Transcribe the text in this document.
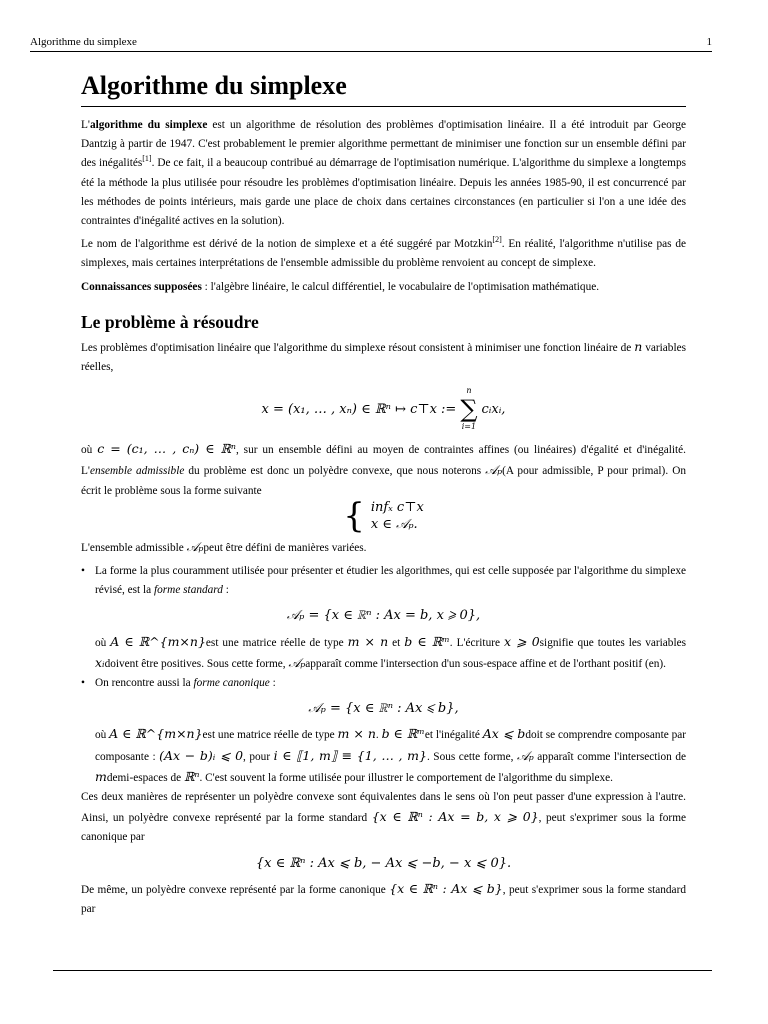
Algorithme du simplexe	1
Algorithme du simplexe

L'algorithme du simplexe est un algorithme de résolution des problèmes d'optimisation linéaire. Il a été introduit par George Dantzig à partir de 1947. C'est probablement le premier algorithme permettant de minimiser une fonction sur un ensemble défini par des inégalités[1]. De ce fait, il a beaucoup contribué au démarrage de l'optimisation numérique. L'algorithme du simplexe a longtemps été la méthode la plus utilisée pour résoudre les problèmes d'optimisation linéaire. Depuis les années 1985-90, il est concurrencé par les méthodes de points intérieurs, mais garde une place de choix dans certaines circonstances (en particulier si l'on a une idée des contraintes d'inégalité actives en la solution).

Le nom de l'algorithme est dérivé de la notion de simplexe et a été suggéré par Motzkin[2]. En réalité, l'algorithme n'utilise pas de simplexes, mais certaines interprétations de l'ensemble admissible du problème renvoient au concept de simplexe.

Connaissances supposées : l'algèbre linéaire, le calcul différentiel, le vocabulaire de l'optimisation mathématique.

Le problème à résoudre

Les problèmes d'optimisation linéaire que l'algorithme du simplexe résout consistent à minimiser une fonction linéaire de n variables réelles,

x = (x₁, … , xₙ) ∈ ℝⁿ ↦ c⊤x :=
n
∑
i=1
cᵢxᵢ,

où c = (c₁, … , cₙ) ∈ ℝⁿ, sur un ensemble défini au moyen de contraintes affines (ou linéaires) d'égalité et d'inégalité. L'ensemble admissible du problème est donc un polyèdre convexe, que nous noterons 𝒜ₚ(A pour admissible, P pour primal). On écrit le problème sous la forme suivante

{ infₓ c⊤x
x ∈ 𝒜ₚ.

L'ensemble admissible 𝒜ₚpeut être défini de manières variées.

• La forme la plus couramment utilisée pour présenter et étudier les algorithmes, qui est celle supposée par l'algorithme du simplexe révisé, est la forme standard :
𝒜ₚ = {x ∈ ℝⁿ : Ax = b, x ⩾ 0},

où A ∈ ℝ^{m×n}est une matrice réelle de type m × n et b ∈ ℝᵐ. L'écriture x ⩾ 0signifie que toutes les variables xᵢdoivent être positives. Sous cette forme, 𝒜ₚapparaît comme l'intersection d'un sous-espace affine et de l'orthant positif (en).

• On rencontre aussi la forme canonique :
𝒜ₚ = {x ∈ ℝⁿ : Ax ⩽ b},

où A ∈ ℝ^{m×n}est une matrice réelle de type m × n. b ∈ ℝᵐet l'inégalité Ax ⩽ bdoit se comprendre composante par composante : (Ax − b)ᵢ ⩽ 0, pour i ∈ ⟦1, m⟧ ≡ {1, … , m}. Sous cette forme, 𝒜ₚ apparaît comme l'intersection de mdemi-espaces de ℝⁿ. C'est souvent la forme utilisée pour illustrer le comportement de l'algorithme du simplexe.

Ces deux manières de représenter un polyèdre convexe sont équivalentes dans le sens où l'on peut passer d'une expression à l'autre. Ainsi, un polyèdre convexe représenté par la forme standard {x ∈ ℝⁿ : Ax = b, x ⩾ 0}, peut s'exprimer sous la forme canonique par

{x ∈ ℝⁿ : Ax ⩽ b, − Ax ⩽ −b, − x ⩽ 0}.

De même, un polyèdre convexe représenté par la forme canonique {x ∈ ℝⁿ : Ax ⩽ b}, peut s'exprimer sous la forme standard par
